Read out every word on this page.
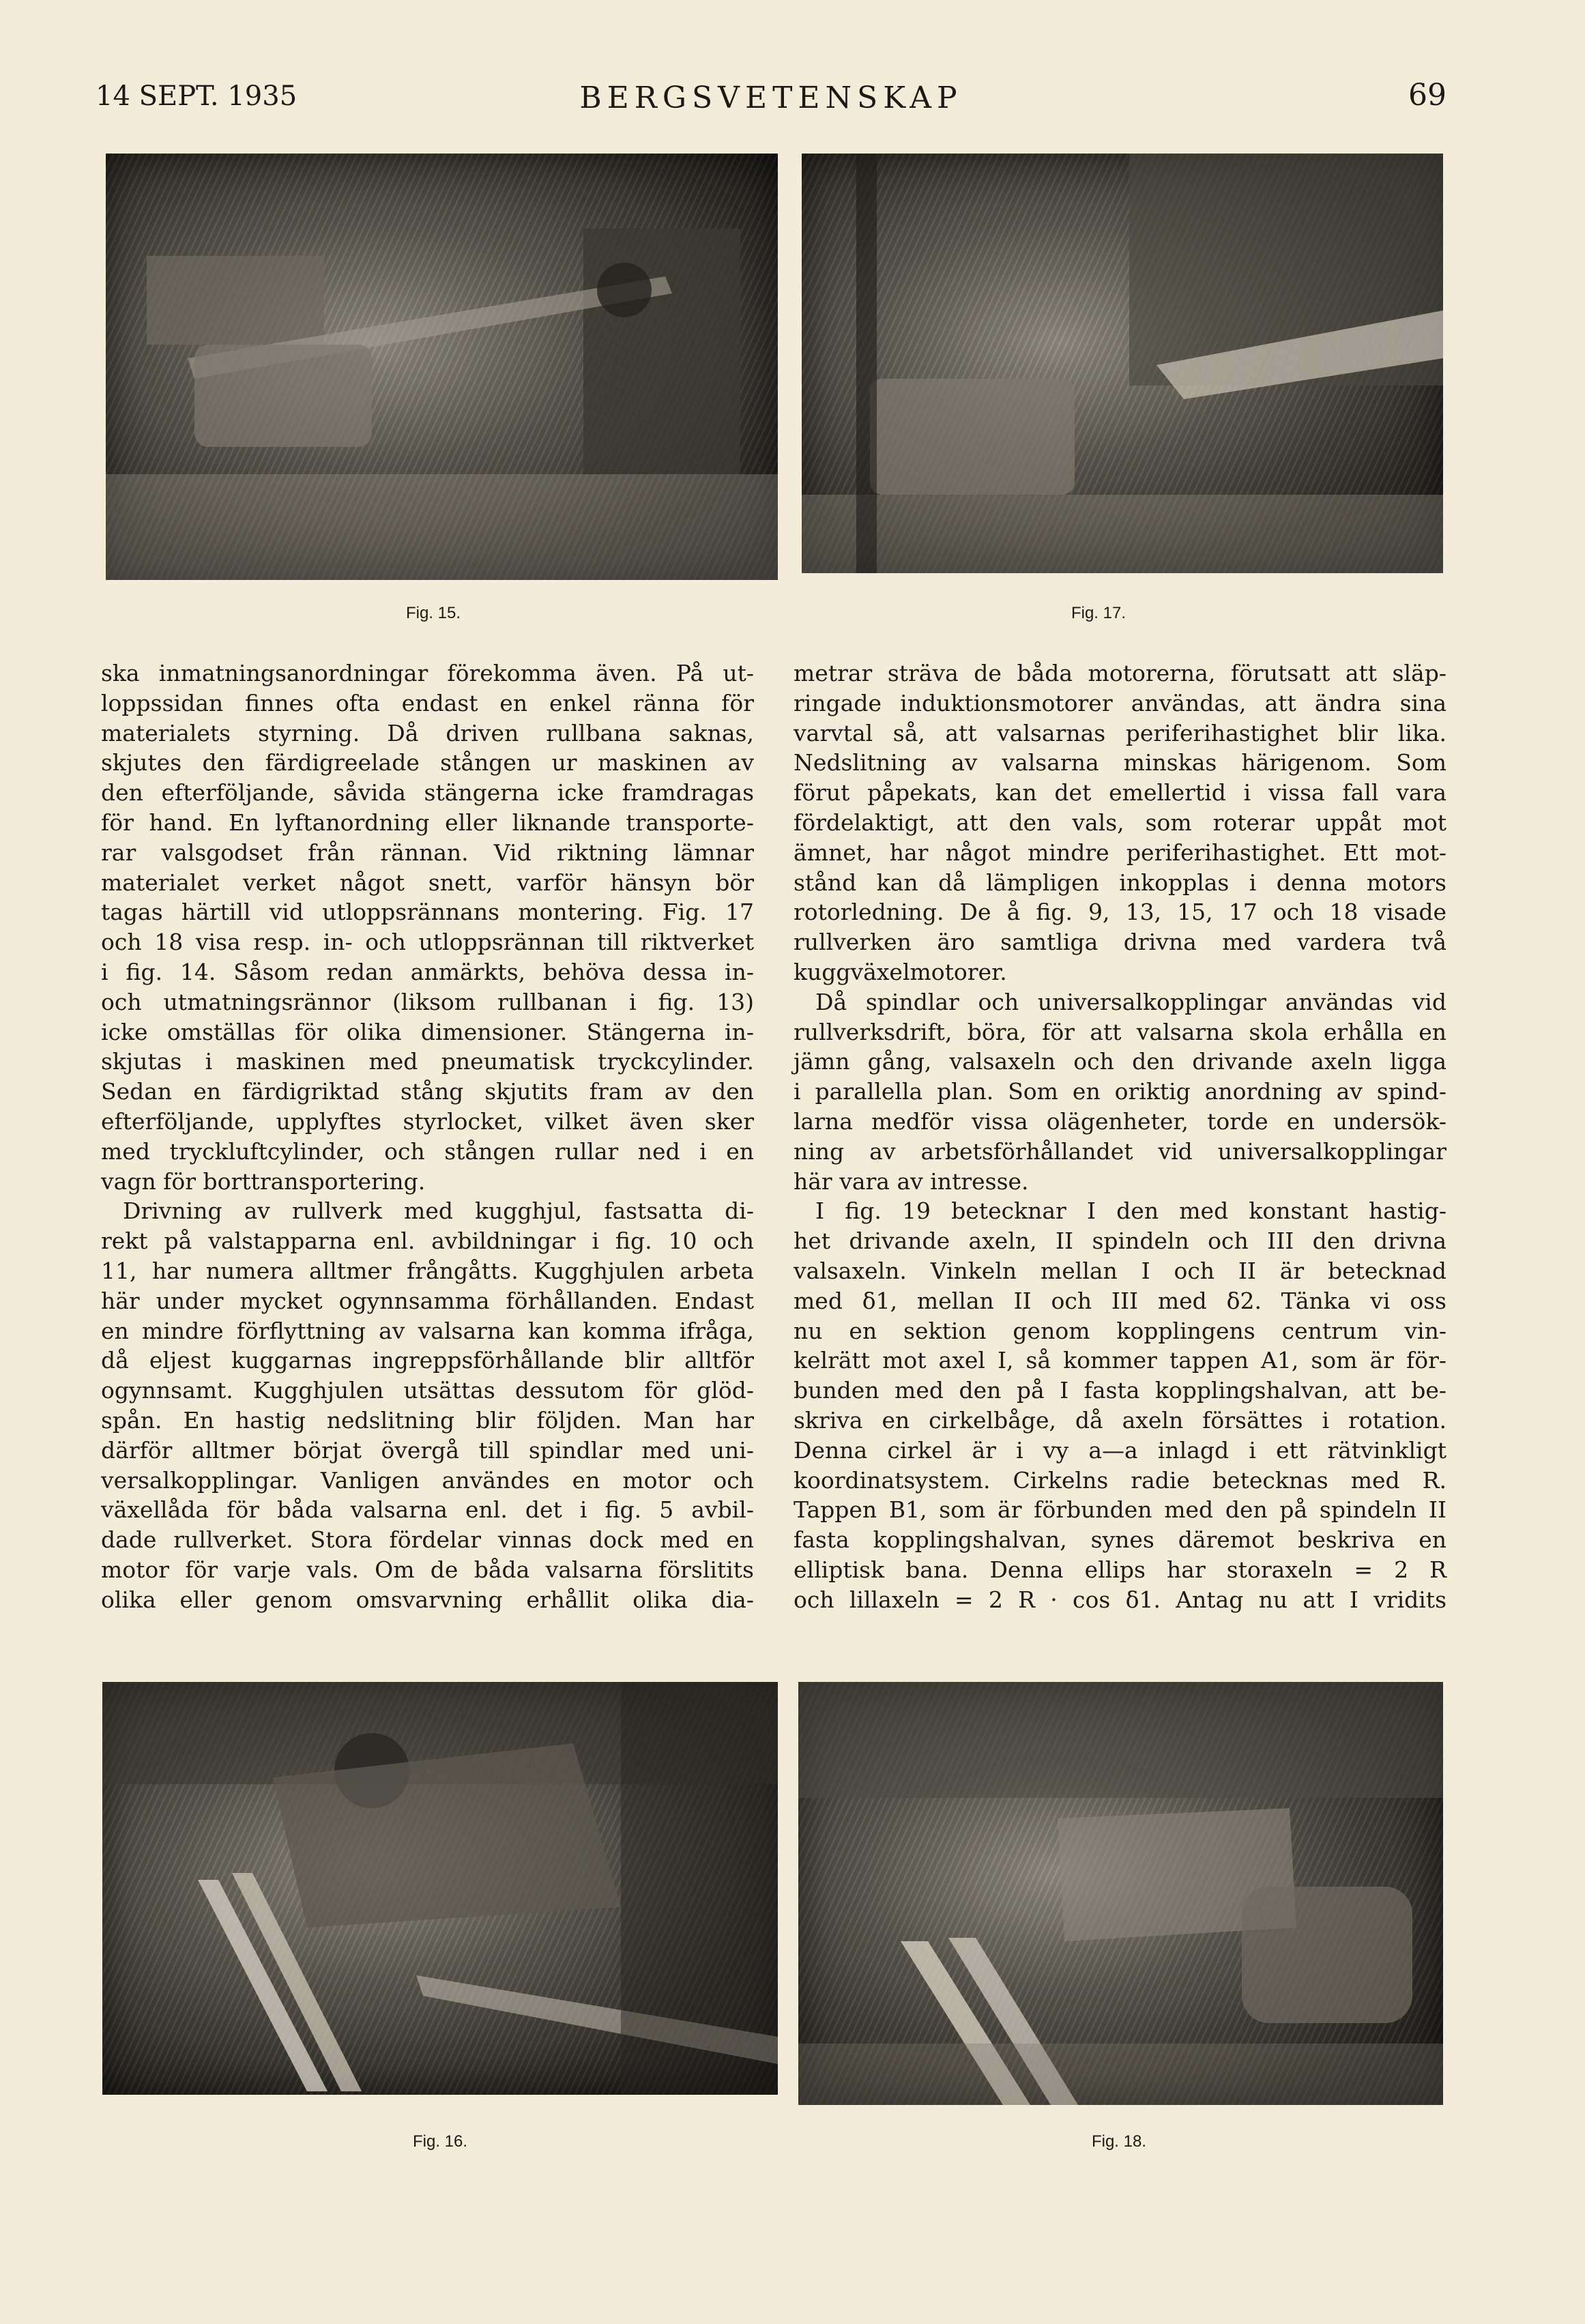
14 SEPT. 1935	BERGSVETENSKAP	69
Fig. 15.	Fig. 17.
ska inmatningsanordningar förekomma även. På ut-
loppssidan finnes ofta endast en enkel ränna för
materialets styrning. Då driven rullbana saknas,
skjutes den färdigreelade stången ur maskinen av
den efterföljande, såvida stängerna icke framdragas
för hand. En lyftanordning eller liknande transporte-
rar valsgodset från rännan. Vid riktning lämnar
materialet verket något snett, varför hänsyn bör
tagas härtill vid utloppsrännans montering. Fig. 17
och 18 visa resp. in- och utloppsrännan till riktverket
i fig. 14. Såsom redan anmärkts, behöva dessa in-
och utmatningsrännor (liksom rullbanan i fig. 13)
icke omställas för olika dimensioner. Stängerna in-
skjutas i maskinen med pneumatisk tryckcylinder.
Sedan en färdigriktad stång skjutits fram av den
efterföljande, upplyftes styrlocket, vilket även sker
med tryckluftcylinder, och stången rullar ned i en
vagn för borttransportering.
Drivning av rullverk med kugghjul, fastsatta di-
rekt på valstapparna enl. avbildningar i fig. 10 och
11, har numera alltmer frångåtts. Kugghjulen arbeta
här under mycket ogynnsamma förhållanden. Endast
en mindre förflyttning av valsarna kan komma ifråga,
då eljest kuggarnas ingreppsförhållande blir alltför
ogynnsamt. Kugghjulen utsättas dessutom för glöd-
spån. En hastig nedslitning blir följden. Man har
därför alltmer börjat övergå till spindlar med uni-
versalkopplingar. Vanligen användes en motor och
växellåda för båda valsarna enl. det i fig. 5 avbil-
dade rullverket. Stora fördelar vinnas dock med en
motor för varje vals. Om de båda valsarna förslitits
olika eller genom omsvarvning erhållit olika dia-
metrar sträva de båda motorerna, förutsatt att släp-
ringade induktionsmotorer användas, att ändra sina
varvtal så, att valsarnas periferihastighet blir lika.
Nedslitning av valsarna minskas härigenom. Som
förut påpekats, kan det emellertid i vissa fall vara
fördelaktigt, att den vals, som roterar uppåt mot
ämnet, har något mindre periferihastighet. Ett mot-
stånd kan då lämpligen inkopplas i denna motors
rotorledning. De å fig. 9, 13, 15, 17 och 18 visade
rullverken äro samtliga drivna med vardera två
kuggväxelmotorer.
Då spindlar och universalkopplingar användas vid
rullverksdrift, böra, för att valsarna skola erhålla en
jämn gång, valsaxeln och den drivande axeln ligga
i parallella plan. Som en oriktig anordning av spind-
larna medför vissa olägenheter, torde en undersök-
ning av arbetsförhållandet vid universalkopplingar
här vara av intresse.
I fig. 19 betecknar I den med konstant hastig-
het drivande axeln, II spindeln och III den drivna
valsaxeln. Vinkeln mellan I och II är betecknad
med δ1, mellan II och III med δ2. Tänka vi oss
nu en sektion genom kopplingens centrum vin-
kelrätt mot axel I, så kommer tappen A1, som är för-
bunden med den på I fasta kopplingshalvan, att be-
skriva en cirkelbåge, då axeln försättes i rotation.
Denna cirkel är i vy a—a inlagd i ett rätvinkligt
koordinatsystem. Cirkelns radie betecknas med R.
Tappen B1, som är förbunden med den på spindeln II
fasta kopplingshalvan, synes däremot beskriva en
elliptisk bana. Denna ellips har storaxeln = 2 R
och lillaxeln = 2 R · cos δ1. Antag nu att I vridits
Fig. 16.	Fig. 18.
